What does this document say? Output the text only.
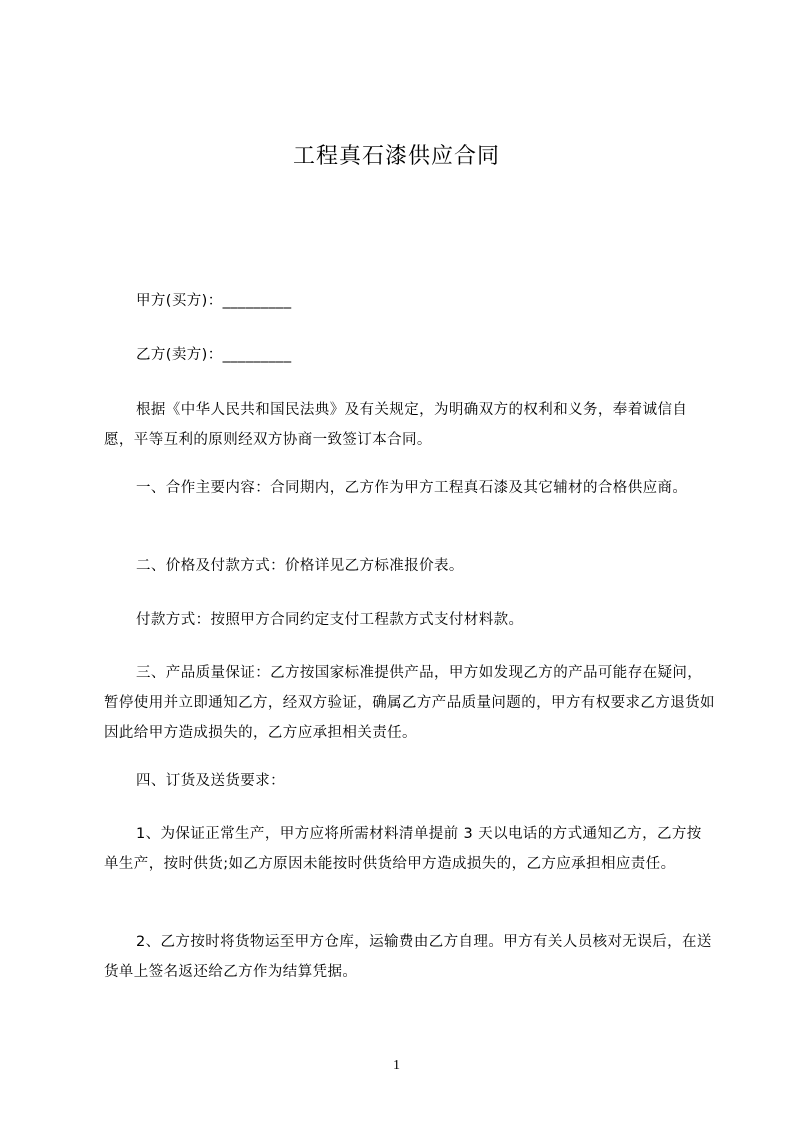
工程真石漆供应合同

甲方(买方)：_________

乙方(卖方)：_________

根据《中华人民共和国民法典》及有关规定，为明确双方的权利和义务，奉着诚信自愿，平等互利的原则经双方协商一致签订本合同。

一、合作主要内容：合同期内，乙方作为甲方工程真石漆及其它辅材的合格供应商。

二、价格及付款方式：价格详见乙方标准报价表。

付款方式：按照甲方合同约定支付工程款方式支付材料款。

三、产品质量保证：乙方按国家标准提供产品，甲方如发现乙方的产品可能存在疑问，暂停使用并立即通知乙方，经双方验证，确属乙方产品质量问题的，甲方有权要求乙方退货如因此给甲方造成损失的，乙方应承担相关责任。

四、订货及送货要求：

1、为保证正常生产，甲方应将所需材料清单提前 3 天以电话的方式通知乙方，乙方按单生产，按时供货;如乙方原因未能按时供货给甲方造成损失的，乙方应承担相应责任。

2、乙方按时将货物运至甲方仓库，运输费由乙方自理。甲方有关人员核对无误后，在送货单上签名返还给乙方作为结算凭据。

1
